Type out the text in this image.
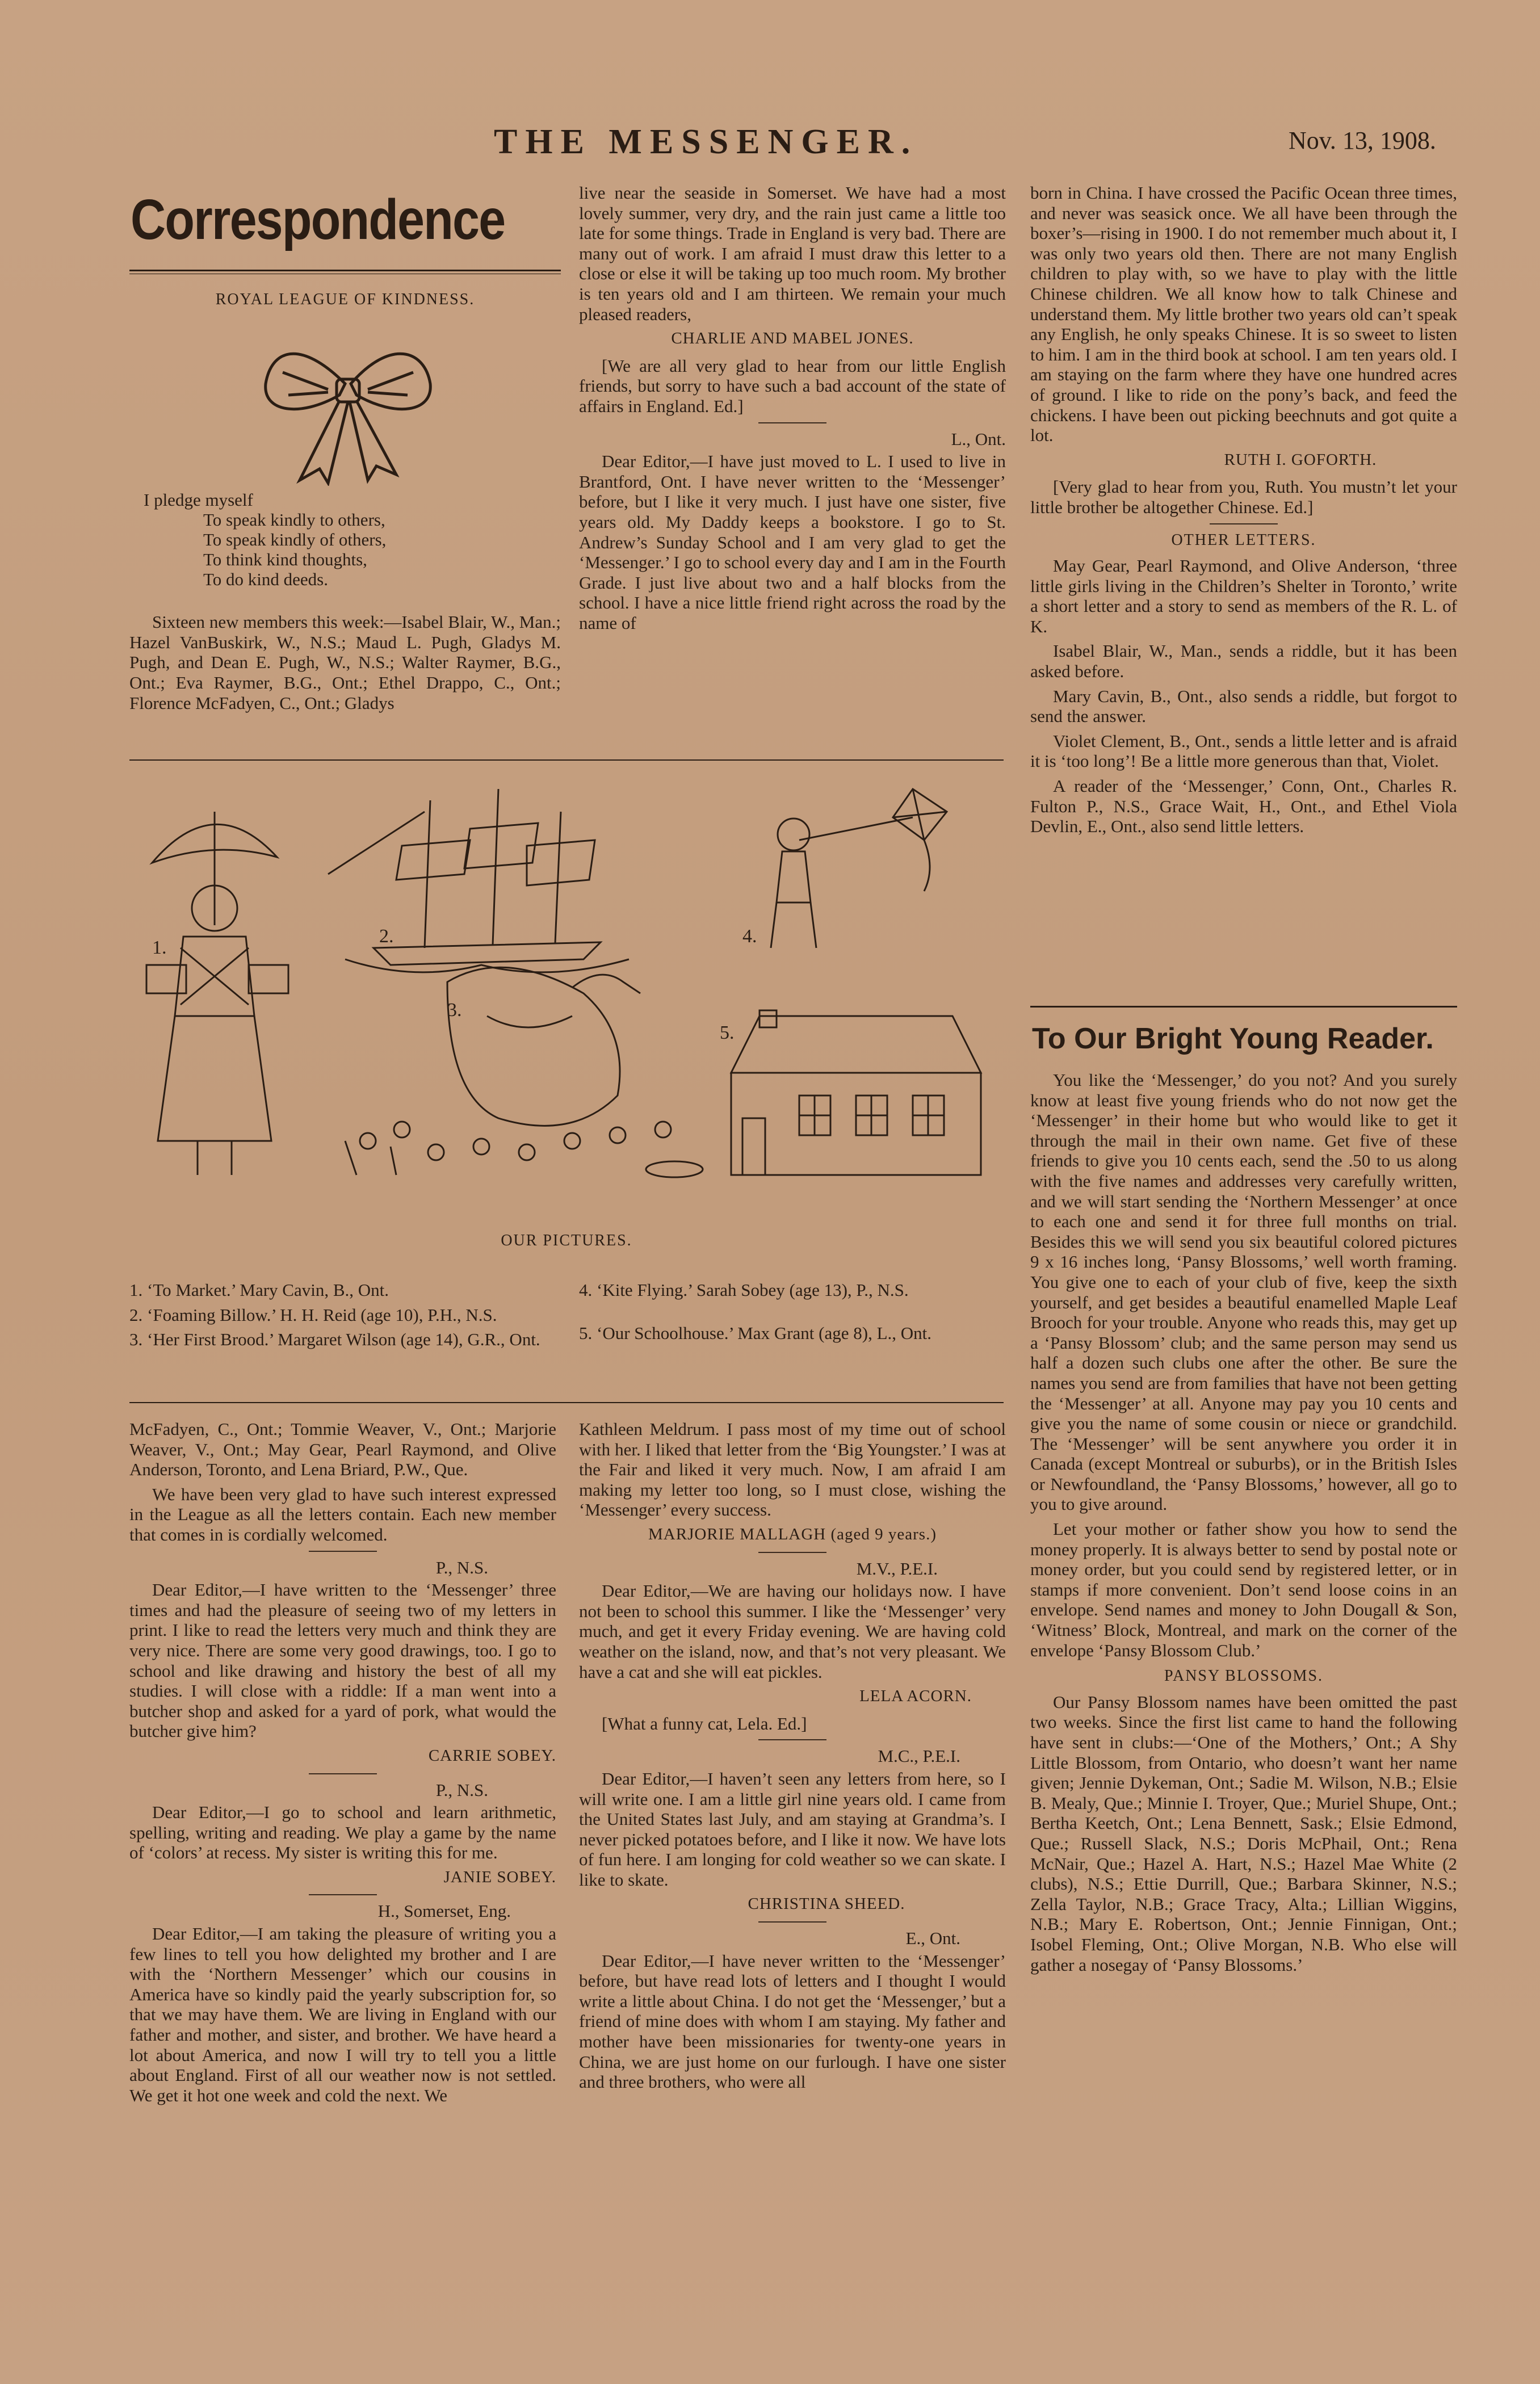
THE MESSENGER.	Nov. 13, 1908.
Correspondence
ROYAL LEAGUE OF KINDNESS.
I pledge myself
To speak kindly to others,
To speak kindly of others,
To think kind thoughts,
To do kind deeds.

Sixteen new members this week:—Isabel Blair, W., Man.; Hazel VanBuskirk, W., N.S.; Maud L. Pugh, Gladys M. Pugh, and Dean E. Pugh, W., N.S.; Walter Raymer, B.G., Ont.; Eva Raymer, B.G., Ont.; Ethel Drappo, C., Ont.; Florence McFadyen, C., Ont.; Gladys

live near the seaside in Somerset. We have had a most lovely summer, very dry, and the rain just came a little too late for some things. Trade in England is very bad. There are many out of work. I am afraid I must draw this letter to a close or else it will be taking up too much room. My brother is ten years old and I am thirteen. We remain your much pleased readers,

CHARLIE AND MABEL JONES.

[We are all very glad to hear from our little English friends, but sorry to have such a bad account of the state of affairs in England. Ed.]

L., Ont.

Dear Editor,—I have just moved to L. I used to live in Brantford, Ont. I have never written to the ‘Messenger’ before, but I like it very much. I just have one sister, five years old. My Daddy keeps a bookstore. I go to St. Andrew’s Sunday School and I am very glad to get the ‘Messenger.’ I go to school every day and I am in the Fourth Grade. I just live about two and a half blocks from the school. I have a nice little friend right across the road by the name of

born in China. I have crossed the Pacific Ocean three times, and never was seasick once. We all have been through the boxer’s—rising in 1900. I do not remember much about it, I was only two years old then. There are not many English children to play with, so we have to play with the little Chinese children. We all know how to talk Chinese and understand them. My little brother two years old can’t speak any English, he only speaks Chinese. It is so sweet to listen to him. I am in the third book at school. I am ten years old. I am staying on the farm where they have one hundred acres of ground. I like to ride on the pony’s back, and feed the chickens. I have been out picking beechnuts and got quite a lot.

RUTH I. GOFORTH.

[Very glad to hear from you, Ruth. You mustn’t let your little brother be altogether Chinese. Ed.]

OTHER LETTERS.

May Gear, Pearl Raymond, and Olive Anderson, ‘three little girls living in the Children’s Shelter in Toronto,’ write a short letter and a story to send as members of the R. L. of K.

Isabel Blair, W., Man., sends a riddle, but it has been asked before.

Mary Cavin, B., Ont., also sends a riddle, but forgot to send the answer.

Violet Clement, B., Ont., sends a little letter and is afraid it is ‘too long’! Be a little more generous than that, Violet.

A reader of the ‘Messenger,’ Conn, Ont., Charles R. Fulton P., N.S., Grace Wait, H., Ont., and Ethel Viola Devlin, E., Ont., also send little letters.

1.
2.
3.
4.
5.
OUR PICTURES.

1. ‘To Market.’ Mary Cavin, B., Ont.

2. ‘Foaming Billow.’ H. H. Reid (age 10), P.H., N.S.

3. ‘Her First Brood.’ Margaret Wilson (age 14), G.R., Ont.

4. ‘Kite Flying.’ Sarah Sobey (age 13), P., N.S.

5. ‘Our Schoolhouse.’ Max Grant (age 8), L., Ont.

McFadyen, C., Ont.; Tommie Weaver, V., Ont.; Marjorie Weaver, V., Ont.; May Gear, Pearl Raymond, and Olive Anderson, Toronto, and Lena Briard, P.W., Que.

We have been very glad to have such interest expressed in the League as all the letters contain. Each new member that comes in is cordially welcomed.

P., N.S.

Dear Editor,—I have written to the ‘Messenger’ three times and had the pleasure of seeing two of my letters in print. I like to read the letters very much and think they are very nice. There are some very good drawings, too. I go to school and like drawing and history the best of all my studies. I will close with a riddle: If a man went into a butcher shop and asked for a yard of pork, what would the butcher give him?

CARRIE SOBEY.
P., N.S.

Dear Editor,—I go to school and learn arithmetic, spelling, writing and reading. We play a game by the name of ‘colors’ at recess. My sister is writing this for me.

JANIE SOBEY.
H., Somerset, Eng.

Dear Editor,—I am taking the pleasure of writing you a few lines to tell you how delighted my brother and I are with the ‘Northern Messenger’ which our cousins in America have so kindly paid the yearly subscription for, so that we may have them. We are living in England with our father and mother, and sister, and brother. We have heard a lot about America, and now I will try to tell you a little about England. First of all our weather now is not settled. We get it hot one week and cold the next. We

Kathleen Meldrum. I pass most of my time out of school with her. I liked that letter from the ‘Big Youngster.’ I was at the Fair and liked it very much. Now, I am afraid I am making my letter too long, so I must close, wishing the ‘Messenger’ every success.

MARJORIE MALLAGH (aged 9 years.)
M.V., P.E.I.

Dear Editor,—We are having our holidays now. I have not been to school this summer. I like the ‘Messenger’ very much, and get it every Friday evening. We are having cold weather on the island, now, and that’s not very pleasant. We have a cat and she will eat pickles.

LELA ACORN.

[What a funny cat, Lela. Ed.]

M.C., P.E.I.

Dear Editor,—I haven’t seen any letters from here, so I will write one. I am a little girl nine years old. I came from the United States last July, and am staying at Grandma’s. I never picked potatoes before, and I like it now. We have lots of fun here. I am longing for cold weather so we can skate. I like to skate.

CHRISTINA SHEED.
E., Ont.

Dear Editor,—I have never written to the ‘Messenger’ before, but have read lots of letters and I thought I would write a little about China. I do not get the ‘Messenger,’ but a friend of mine does with whom I am staying. My father and mother have been missionaries for twenty-one years in China, we are just home on our furlough. I have one sister and three brothers, who were all

To Our Bright Young Reader.

You like the ‘Messenger,’ do you not? And you surely know at least five young friends who do not now get the ‘Messenger’ in their home but who would like to get it through the mail in their own name. Get five of these friends to give you 10 cents each, send the .50 to us along with the five names and addresses very carefully written, and we will start sending the ‘Northern Messenger’ at once to each one and send it for three full months on trial. Besides this we will send you six beautiful colored pictures 9 x 16 inches long, ‘Pansy Blossoms,’ well worth framing. You give one to each of your club of five, keep the sixth yourself, and get besides a beautiful enamelled Maple Leaf Brooch for your trouble. Anyone who reads this, may get up a ‘Pansy Blossom’ club; and the same person may send us half a dozen such clubs one after the other. Be sure the names you send are from families that have not been getting the ‘Messenger’ at all. Anyone may pay you 10 cents and give you the name of some cousin or niece or grandchild. The ‘Messenger’ will be sent anywhere you order it in Canada (except Montreal or suburbs), or in the British Isles or Newfoundland, the ‘Pansy Blossoms,’ however, all go to you to give around.

Let your mother or father show you how to send the money properly. It is always better to send by postal note or money order, but you could send by registered letter, or in stamps if more convenient. Don’t send loose coins in an envelope. Send names and money to John Dougall & Son, ‘Witness’ Block, Montreal, and mark on the corner of the envelope ‘Pansy Blossom Club.’

PANSY BLOSSOMS.

Our Pansy Blossom names have been omitted the past two weeks. Since the first list came to hand the following have sent in clubs:—‘One of the Mothers,’ Ont.; A Shy Little Blossom, from Ontario, who doesn’t want her name given; Jennie Dykeman, Ont.; Sadie M. Wilson, N.B.; Elsie B. Mealy, Que.; Minnie I. Troyer, Que.; Muriel Shupe, Ont.; Bertha Keetch, Ont.; Lena Bennett, Sask.; Elsie Edmond, Que.; Russell Slack, N.S.; Doris McPhail, Ont.; Rena McNair, Que.; Hazel A. Hart, N.S.; Hazel Mae White (2 clubs), N.S.; Ettie Durrill, Que.; Barbara Skinner, N.S.; Zella Taylor, N.B.; Grace Tracy, Alta.; Lillian Wiggins, N.B.; Mary E. Robertson, Ont.; Jennie Finnigan, Ont.; Isobel Fleming, Ont.; Olive Morgan, N.B. Who else will gather a nosegay of ‘Pansy Blossoms.’
